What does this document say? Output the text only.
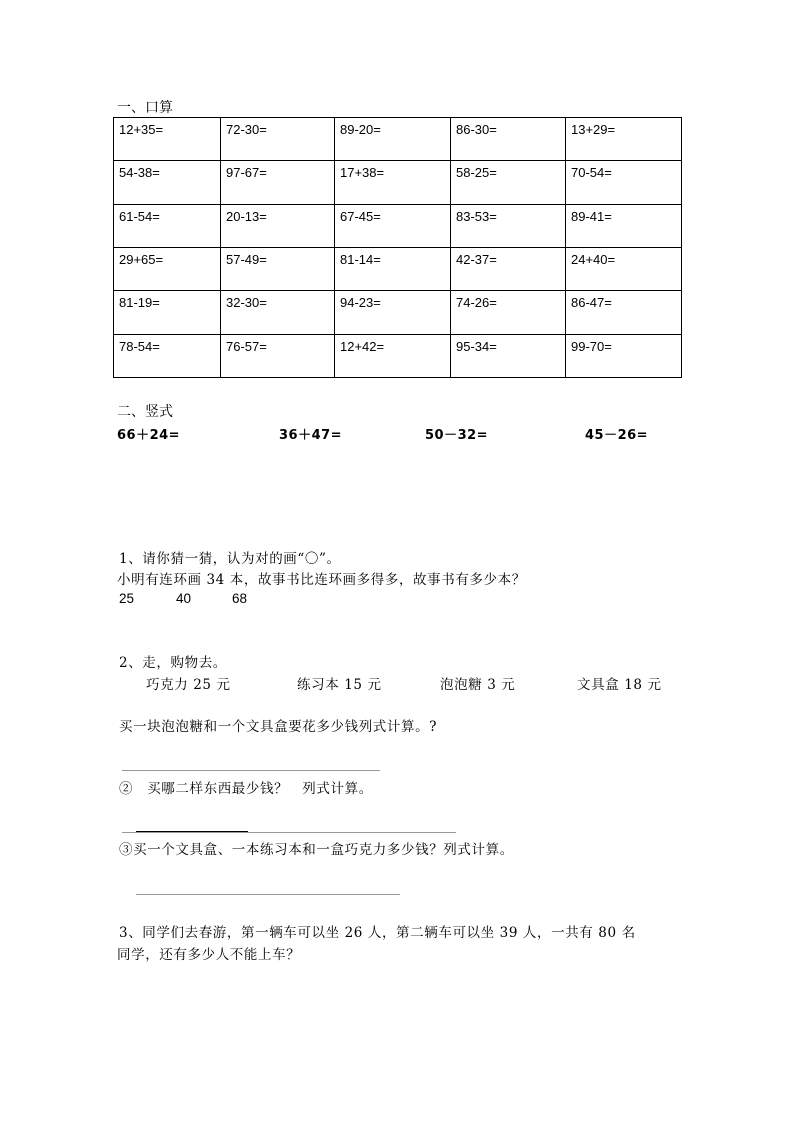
一、口算
12+35=	72-30=	89-20=	86-30=	13+29=
54-38=	97-67=	17+38=	58-25=	70-54=
61-54=	20-13=	67-45=	83-53=	89-41=
29+65=	57-49=	81-14=	42-37=	24+40=
81-19=	32-30=	94-23=	74-26=	86-47=
78-54=	76-57=	12+42=	95-34=	99-70=
二、竖式
66＋24=	36＋47=	50－32=	45－26=
1、请你猜一猜，认为对的画“〇”。
小明有连环画 34 本，故事书比连环画多得多，故事书有多少本？
25	40	68
2、走，购物去。
巧克力 25 元	练习本 15 元	泡泡糖 3 元	文具盒 18 元
买一块泡泡糖和一个文具盒要花多少钱列式计算。?
②　买哪二样东西最少钱？　列式计算。
③买一个文具盒、一本练习本和一盒巧克力多少钱？列式计算。
3、同学们去春游，第一辆车可以坐 26 人，第二辆车可以坐 39 人，一共有 80 名
同学，还有多少人不能上车？
